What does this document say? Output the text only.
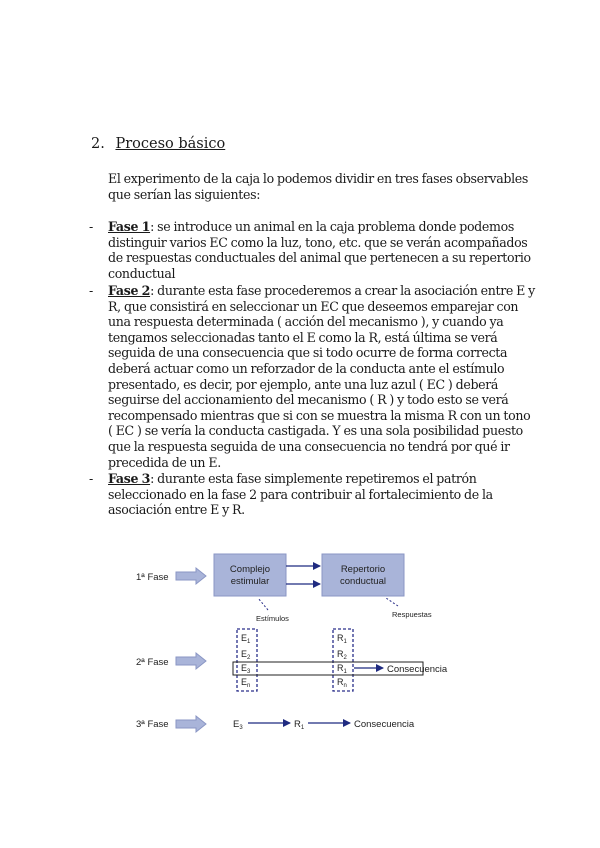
2. Proceso básico

El experimento de la caja lo podemos dividir en tres fases observables que serían las siguientes:

- Fase 1: se introduce un animal en la caja problema donde podemos distinguir varios EC como la luz, tono, etc. que se verán acompañados de respuestas conductuales del animal que pertenecen a su repertorio conductual

- Fase 2: durante esta fase procederemos a crear la asociación entre E y R, que consistirá en seleccionar un EC que deseemos emparejar con una respuesta determinada ( acción del mecanismo ), y cuando ya tengamos seleccionadas tanto el E como la R, está última se verá seguida de una consecuencia que si todo ocurre de forma correcta deberá actuar como un reforzador de la conducta ante el estímulo presentado, es decir, por ejemplo, ante una luz azul ( EC ) deberá seguirse del accionamiento del mecanismo ( R ) y todo esto se verá recompensado mientras que si con se muestra la misma R con un tono ( EC ) se vería la conducta castigada. Y es una sola posibilidad puesto que la respuesta seguida de una consecuencia no tendrá por qué ir precedida de un E.

- Fase 3: durante esta fase simplemente repetiremos el patrón seleccionado en la fase 2 para contribuir al fortalecimiento de la asociación entre E y R.

1ª Fase
Complejo
estimular
Repertorio
conductual
Estímulos	Respuestas
2ª Fase
$E_1$
$E_2$
$E_3$
$E_n$
$R_1$
$R_2$
$R_1$
$R_n$
Consecuencia
3ª Fase	$E_3$	$R_1$	Consecuencia
